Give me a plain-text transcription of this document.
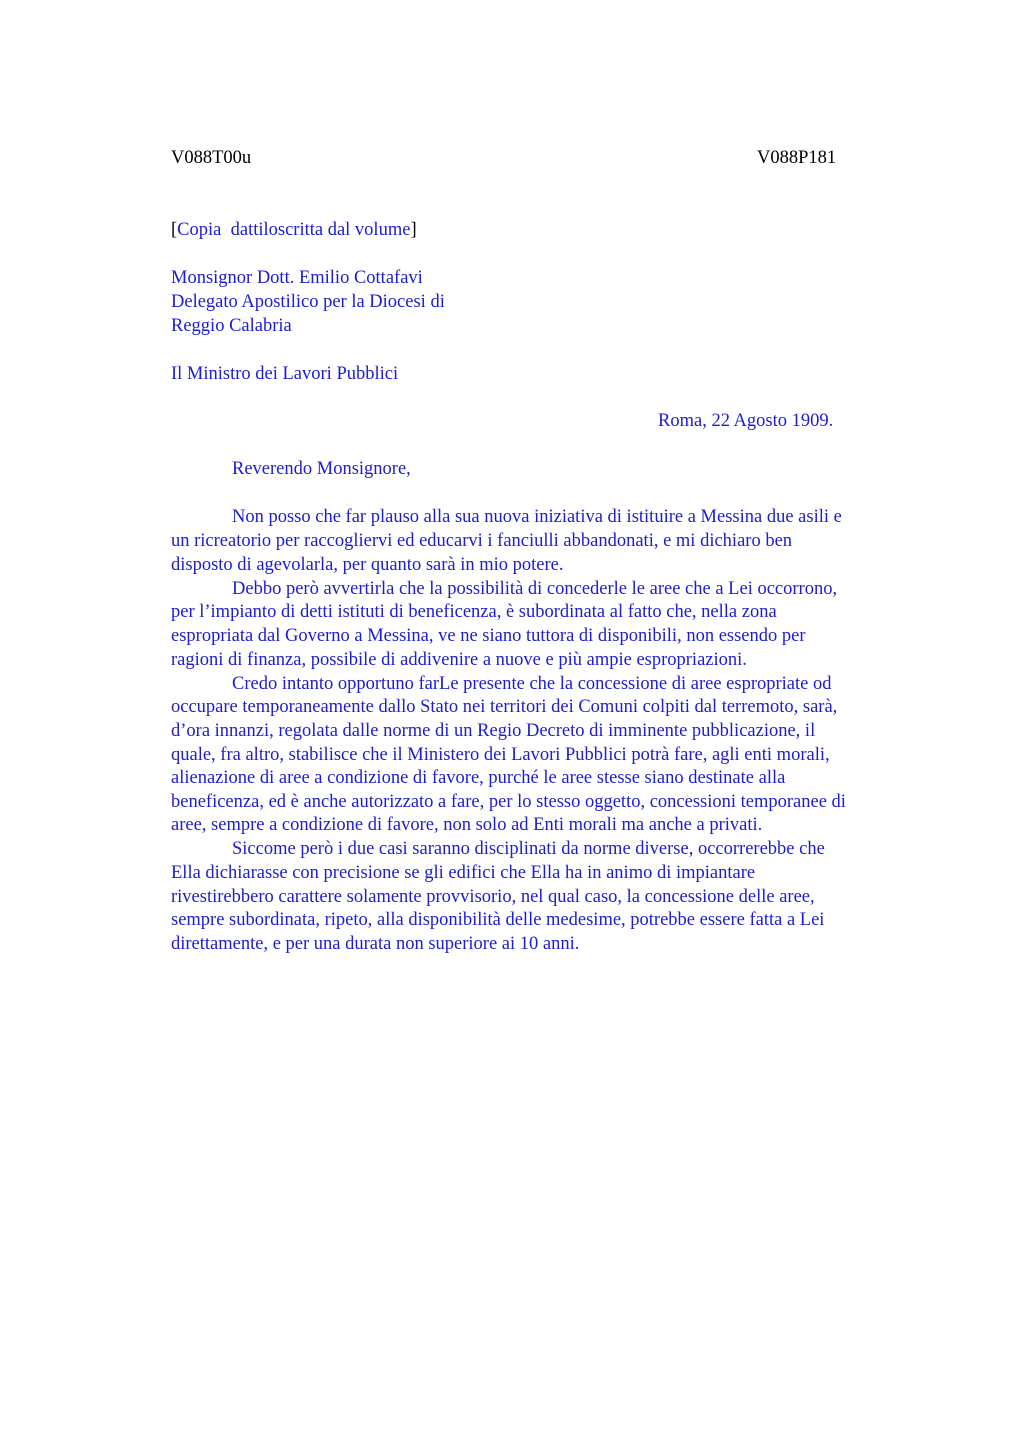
V088T00u	V088P181
[Copia  dattiloscritta dal volume]
Monsignor Dott. Emilio Cottafavi
Delegato Apostilico per la Diocesi di
Reggio Calabria
Il Ministro dei Lavori Pubblici
Roma, 22 Agosto 1909.
Reverendo Monsignore,
Non posso che far plauso alla sua nuova iniziativa di istituire a Messina due asili e
un ricreatorio per raccogliervi ed educarvi i fanciulli abbandonati, e mi dichiaro ben
disposto di agevolarla, per quanto sarà in mio potere.
Debbo però avvertirla che la possibilità di concederle le aree che a Lei occorrono,
per l’impianto di detti istituti di beneficenza, è subordinata al fatto che, nella zona
espropriata dal Governo a Messina, ve ne siano tuttora di disponibili, non essendo per
ragioni di finanza, possibile di addivenire a nuove e più ampie espropriazioni.
Credo intanto opportuno farLe presente che la concessione di aree espropriate od
occupare temporaneamente dallo Stato nei territori dei Comuni colpiti dal terremoto, sarà,
d’ora innanzi, regolata dalle norme di un Regio Decreto di imminente pubblicazione, il
quale, fra altro, stabilisce che il Ministero dei Lavori Pubblici potrà fare, agli enti morali,
alienazione di aree a condizione di favore, purché le aree stesse siano destinate alla
beneficenza, ed è anche autorizzato a fare, per lo stesso oggetto, concessioni temporanee di
aree, sempre a condizione di favore, non solo ad Enti morali ma anche a privati.
Siccome però i due casi saranno disciplinati da norme diverse, occorrerebbe che
Ella dichiarasse con precisione se gli edifici che Ella ha in animo di impiantare
rivestirebbero carattere solamente provvisorio, nel qual caso, la concessione delle aree,
sempre subordinata, ripeto, alla disponibilità delle medesime, potrebbe essere fatta a Lei
direttamente, e per una durata non superiore ai 10 anni.
